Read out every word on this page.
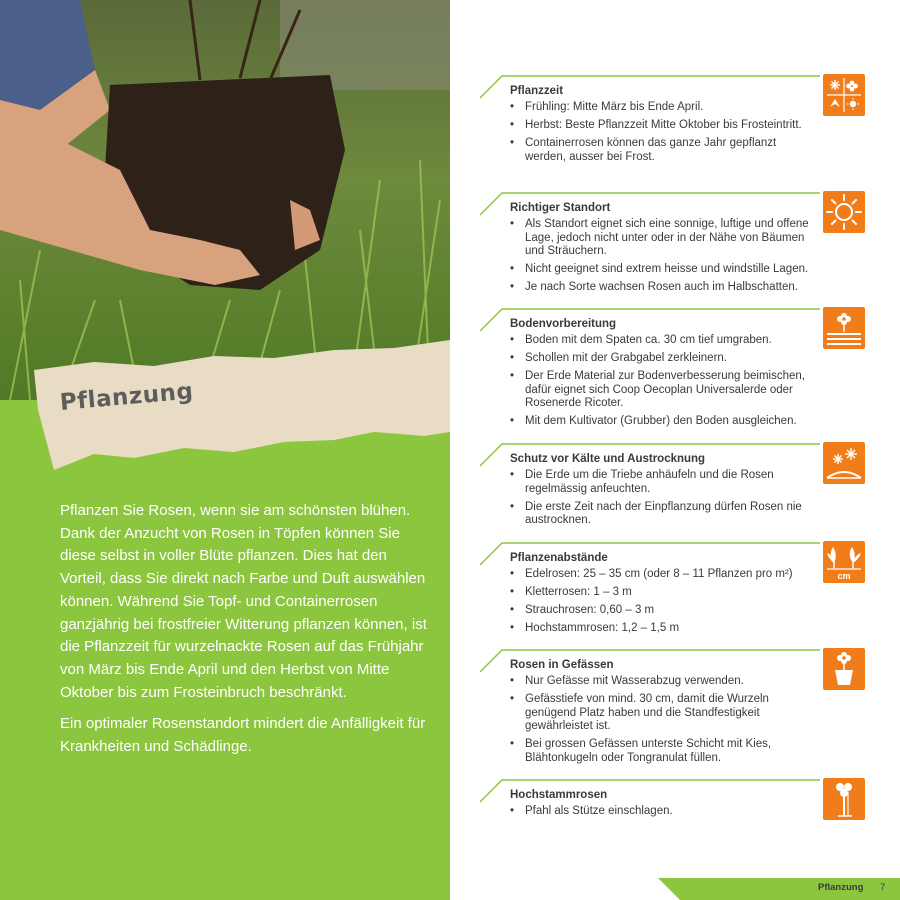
Pflanzung

Pflanzen Sie Rosen, wenn sie am schönsten blühen. Dank der Anzucht von Rosen in Töpfen können Sie diese selbst in voller Blüte pflanzen. Dies hat den Vorteil, dass Sie direkt nach Farbe und Duft auswählen können. Während Sie Topf- und Containerrosen ganzjährig bei frostfreier Witterung pflanzen können, ist die Pflanzzeit für wurzelnackte Rosen auf das Frühjahr von März bis Ende April und den Herbst von Mitte Oktober bis zum Frosteinbruch beschränkt.

Ein optimaler Rosenstandort mindert die Anfälligkeit für Krankheiten und Schädlinge.

Pflanzzeit
• Frühling: Mitte März bis Ende April.
• Herbst: Beste Pflanzzeit Mitte Oktober bis Frosteintritt.
• Containerrosen können das ganze Jahr gepflanzt werden, ausser bei Frost.
Richtiger Standort
• Als Standort eignet sich eine sonnige, luftige und offene Lage, jedoch nicht unter oder in der Nähe von Bäumen und Sträuchern.
• Nicht geeignet sind extrem heisse und windstille Lagen.
• Je nach Sorte wachsen Rosen auch im Halbschatten.
Bodenvorbereitung
• Boden mit dem Spaten ca. 30 cm tief umgraben.
• Schollen mit der Grabgabel zerkleinern.
• Der Erde Material zur Bodenverbesserung beimischen, dafür eignet sich Coop Oecoplan Universalerde oder Rosenerde Ricoter.
• Mit dem Kultivator (Grubber) den Boden ausgleichen.
Schutz vor Kälte und Austrocknung
• Die Erde um die Triebe anhäufeln und die Rosen regelmässig anfeuchten.
• Die erste Zeit nach der Einpflanzung dürfen Rosen nie austrocknen.
Pflanzenabstände
• Edelrosen: 25 – 35 cm (oder 8 – 11 Pflanzen pro m²)
• Kletterrosen: 1 – 3 m
• Strauchrosen: 0,60 – 3 m
• Hochstammrosen: 1,2 – 1,5 m
cm
Rosen in Gefässen
• Nur Gefässe mit Wasserabzug verwenden.
• Gefässtiefe von mind. 30 cm, damit die Wurzeln genügend Platz haben und die Standfestigkeit gewährleistet ist.
• Bei grossen Gefässen unterste Schicht mit Kies, Blähtonkugeln oder Tongranulat füllen.
Hochstammrosen
• Pfahl als Stütze einschlagen.
Pflanzung 7
